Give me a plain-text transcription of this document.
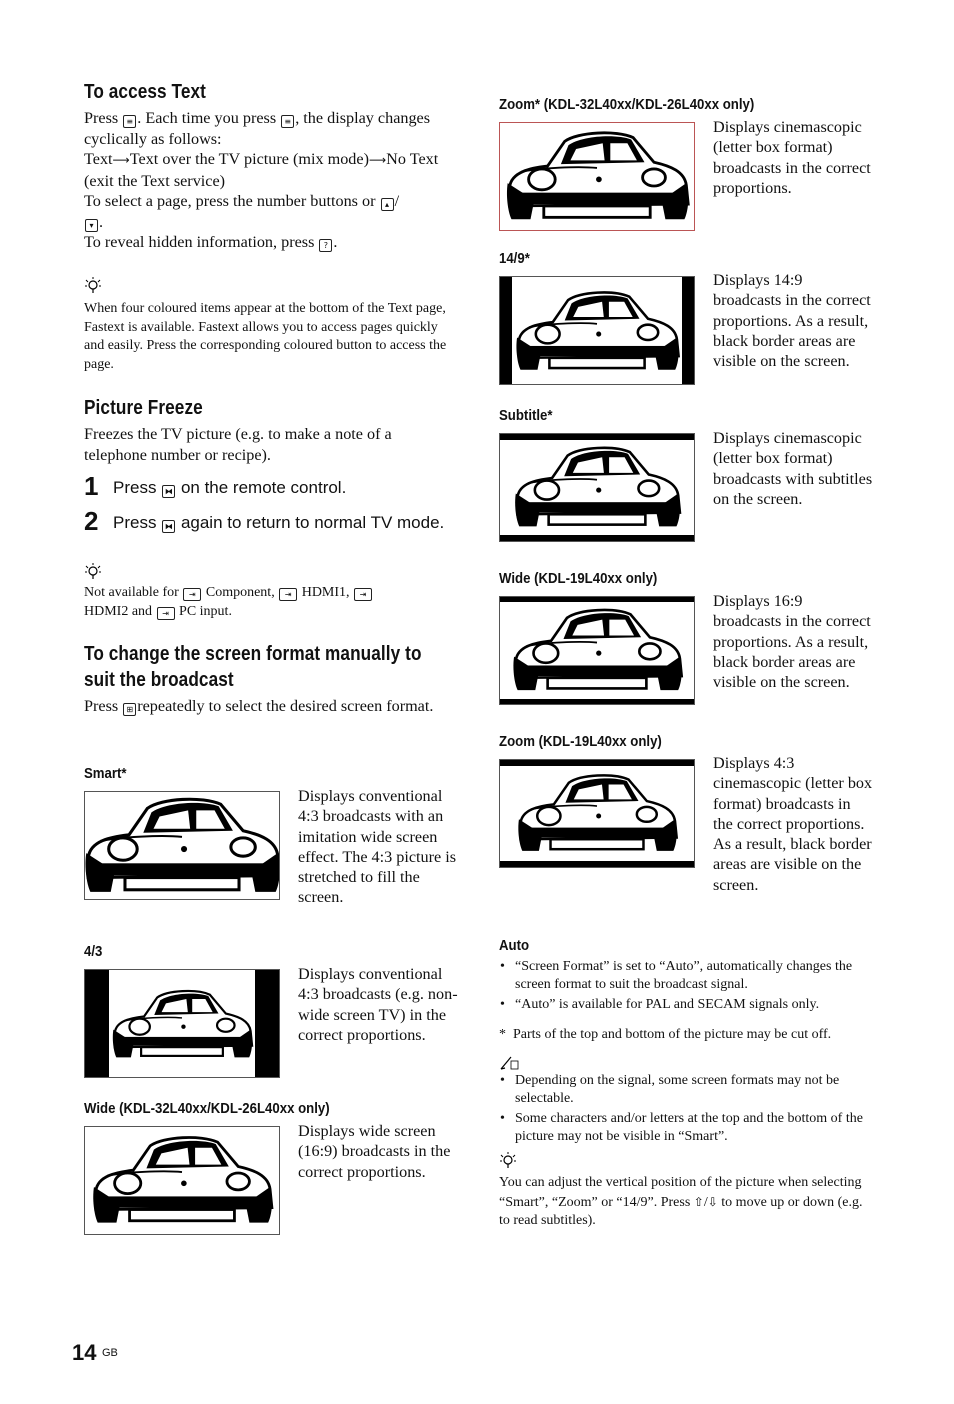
To access Text
Press ≡ . Each time you press ≡ , the display changes cyclically as follows:
Text⟶Text over the TV picture (mix mode)⟶No Text (exit the Text service)
To select a page, press the number buttons or ▴ /
▾ .
To reveal hidden information, press ? .
When four coloured items appear at the bottom of the Text page, Fastext is available. Fastext allows you to access pages quickly and easily. Press the corresponding coloured button to access the page.
Picture Freeze
Freezes the TV picture (e.g. to make a note of a telephone number or recipe).
1 Press ⧓ on the remote control.
2 Press ⧓ again to return to normal TV mode.
Not available for ⇥ Component, ⇥ HDMI1, ⇥
HDMI2 and ⇥ PC input.
To change the screen format manually to suit the broadcast
Press ⊞ repeatedly to select the desired screen format.
Smart*
Displays conventional 4:3 broadcasts with an imitation wide screen effect. The 4:3 picture is stretched to fill the screen.
4/3
Displays conventional 4:3 broadcasts (e.g. non-wide screen TV) in the correct proportions.
Wide (KDL-32L40xx/KDL-26L40xx only)
Displays wide screen (16:9) broadcasts in the correct proportions.
Zoom* (KDL-32L40xx/KDL-26L40xx only)
Displays cinemascopic (letter box format) broadcasts in the correct proportions.
14/9*
Displays 14:9 broadcasts in the correct proportions. As a result, black border areas are visible on the screen.
Subtitle*
Displays cinemascopic (letter box format) broadcasts with subtitles on the screen.
Wide (KDL-19L40xx only)
Displays 16:9 broadcasts in the correct proportions. As a result, black border areas are visible on the screen.
Zoom (KDL-19L40xx only)
Displays 4:3 cinemascopic (letter box format) broadcasts in the correct proportions. As a result, black border areas are visible on the screen.
Auto
• “Screen Format” is set to “Auto”, automatically changes the screen format to suit the broadcast signal.
• “Auto” is available for PAL and SECAM signals only.
* Parts of the top and bottom of the picture may be cut off.
• Depending on the signal, some screen formats may not be selectable.
• Some characters and/or letters at the top and the bottom of the picture may not be visible in “Smart”.
You can adjust the vertical position of the picture when selecting “Smart”, “Zoom” or “14/9”. Press ⇧/⇩ to move up or down (e.g. to read subtitles).
14 GB
